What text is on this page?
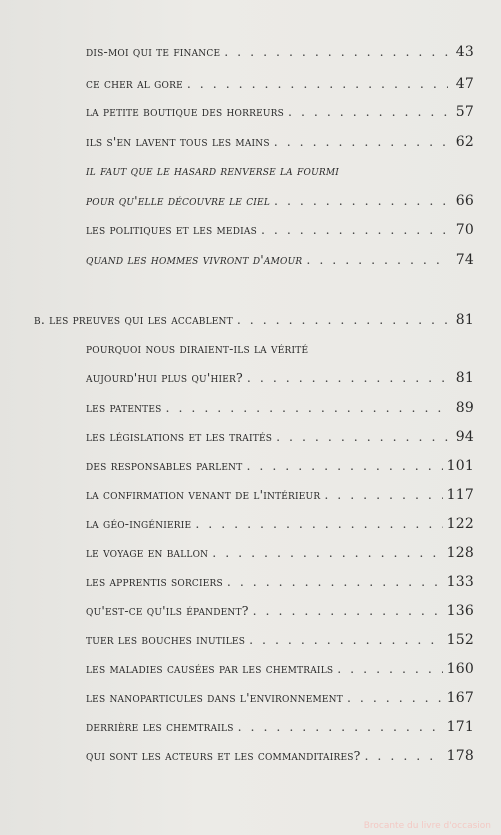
dis-moi qui te finance . . .	43
ce cher al gore . . .	47
la petite boutique des horreurs . . .	57
ils s'en lavent tous les mains . . .	62
il faut que le hasard renverse la fourmi
pour qu'elle découvre le ciel . . .	66
les politiques et les medias . . .	70
quand les hommes vivront d'amour . . .	74
b. les preuves qui les accablent . . .	81
pourquoi nous diraient-ils la vérité
aujourd'hui plus qu'hier? . . .	81
les patentes . . .	89
les législations et les traités . . .	94
des responsables parlent . . .	101
la confirmation venant de l'intérieur . . .	117
la géo-ingénierie . . .	122
le voyage en ballon . . .	128
les apprentis sorciers . . .	133
qu'est-ce qu'ils épandent? . . .	136
tuer les bouches inutiles . . .	152
les maladies causées par les chemtrails . . .	160
les nanoparticules dans l'environnement . . .	167
derrière les chemtrails . . .	171
qui sont les acteurs et les commanditaires? . . .	178
Brocante du livre d'occasion
